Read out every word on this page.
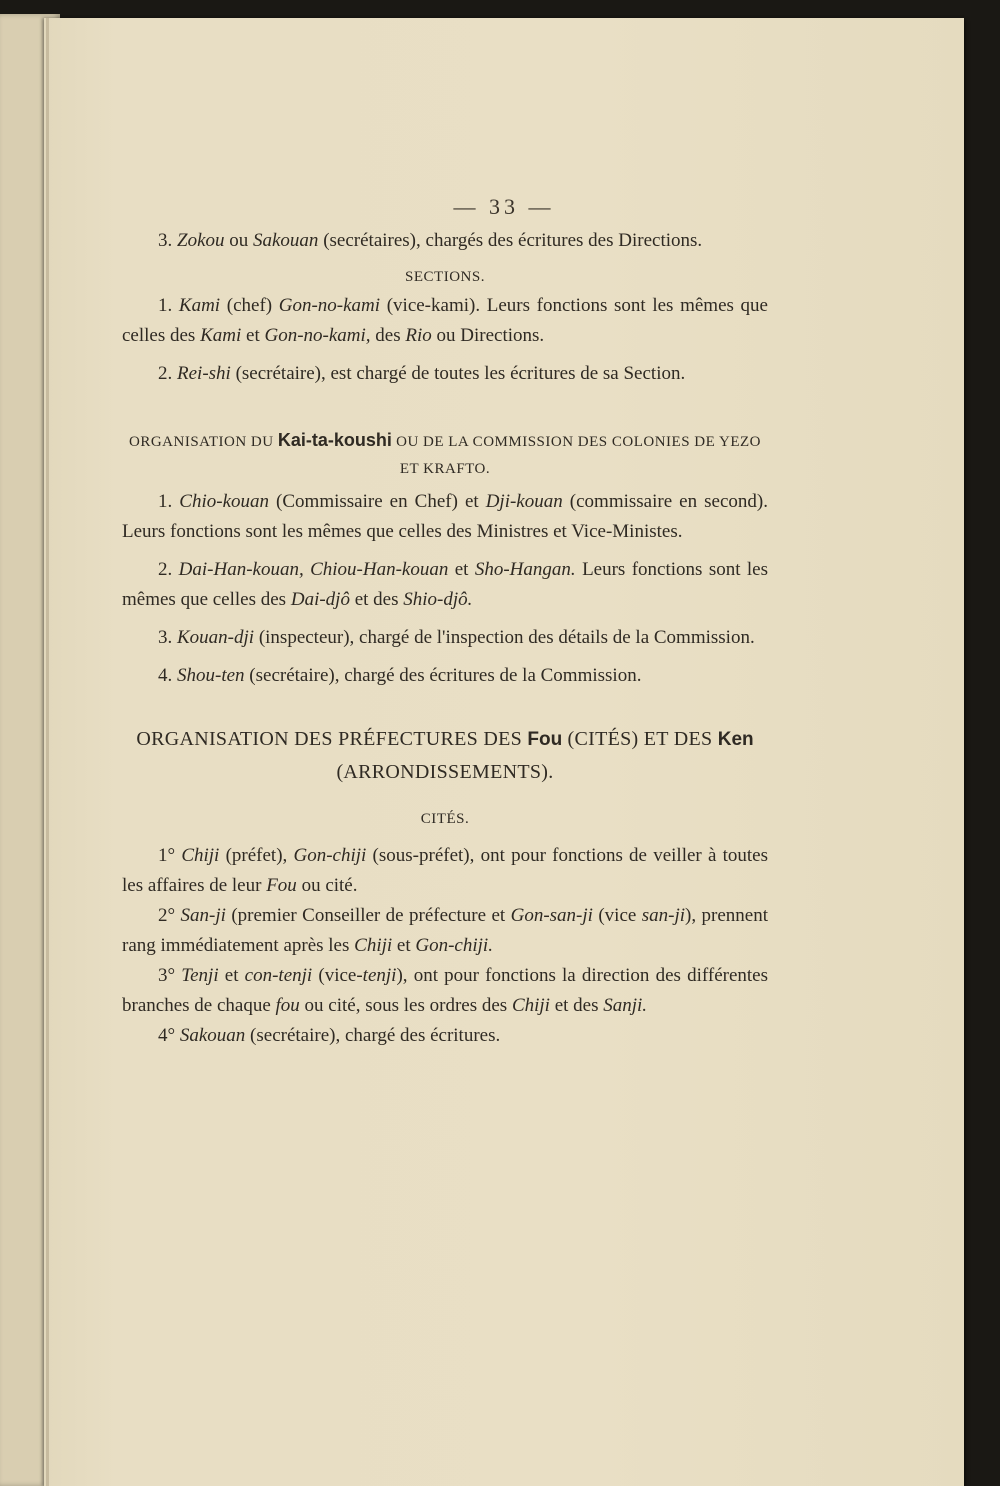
— 33 —

3. Zokou ou Sakouan (secrétaires), chargés des écritures des Directions.

SECTIONS.

1. Kami (chef) Gon-no-kami (vice-kami). Leurs fonctions sont les mêmes que celles des Kami et Gon-no-kami, des Rio ou Directions.

2. Rei-shi (secrétaire), est chargé de toutes les écritures de sa Section.

ORGANISATION DU Kai-ta-koushi OU DE LA COMMISSION DES COLONIES DE YEZO ET KRAFTO.

1. Chio-kouan (Commissaire en Chef) et Dji-kouan (commissaire en second). Leurs fonctions sont les mêmes que celles des Ministres et Vice-Ministes.

2. Dai-Han-kouan, Chiou-Han-kouan et Sho-Hangan. Leurs fonctions sont les mêmes que celles des Dai-djô et des Shio-djô.

3. Kouan-dji (inspecteur), chargé de l'inspection des détails de la Commission.

4. Shou-ten (secrétaire), chargé des écritures de la Commission.

ORGANISATION DES PRÉFECTURES DES Fou (CITÉS) ET DES Ken (ARRONDISSEMENTS).

CITÉS.

1° Chiji (préfet), Gon-chiji (sous-préfet), ont pour fonctions de veiller à toutes les affaires de leur Fou ou cité.

2° San-ji (premier Conseiller de préfecture et Gon-san-ji (vice san-ji), prennent rang immédiatement après les Chiji et Gon-chiji.

3° Tenji et con-tenji (vice-tenji), ont pour fonctions la direction des différentes branches de chaque fou ou cité, sous les ordres des Chiji et des Sanji.

4° Sakouan (secrétaire), chargé des écritures.
